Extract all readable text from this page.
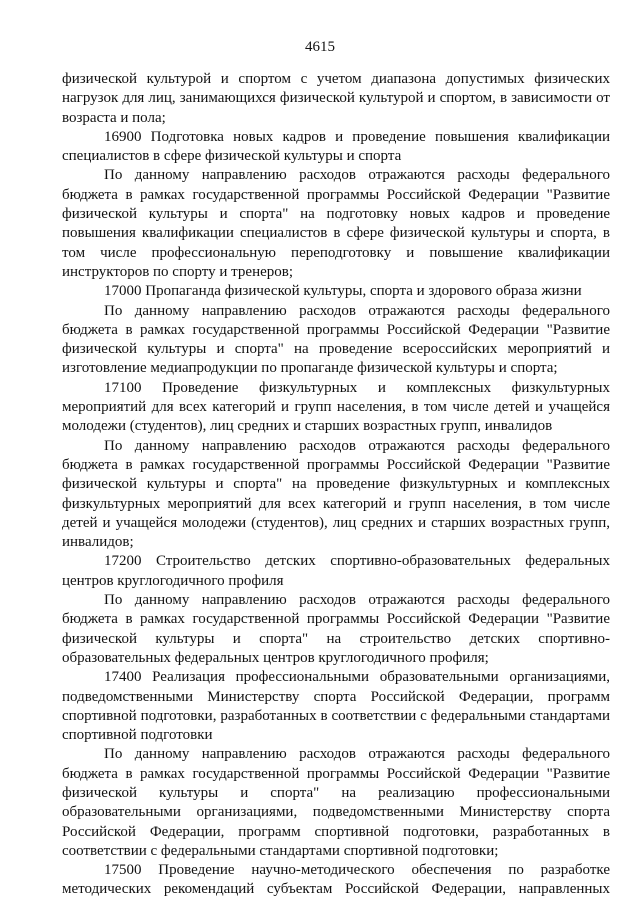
4615

физической культурой и спортом с учетом диапазона допустимых физических нагрузок для лиц, занимающихся физической культурой и спортом, в зависимости от возраста и пола;

16900 Подготовка новых кадров и проведение повышения квалификации специалистов в сфере физической культуры и спорта

По данному направлению расходов отражаются расходы федерального бюджета в рамках государственной программы Российской Федерации "Развитие физической культуры и спорта" на подготовку новых кадров и проведение повышения квалификации специалистов в сфере физической культуры и спорта, в том числе профессиональную переподготовку и повышение квалификации инструкторов по спорту и тренеров;

17000 Пропаганда физической культуры, спорта и здорового образа жизни

По данному направлению расходов отражаются расходы федерального бюджета в рамках государственной программы Российской Федерации "Развитие физической культуры и спорта" на проведение всероссийских мероприятий и изготовление медиапродукции по пропаганде физической культуры и спорта;

17100 Проведение физкультурных и комплексных физкультурных мероприятий для всех категорий и групп населения, в том числе детей и учащейся молодежи (студентов), лиц средних и старших возрастных групп, инвалидов

По данному направлению расходов отражаются расходы федерального бюджета в рамках государственной программы Российской Федерации "Развитие физической культуры и спорта" на проведение физкультурных и комплексных физкультурных мероприятий для всех категорий и групп населения, в том числе детей и учащейся молодежи (студентов), лиц средних и старших возрастных групп, инвалидов;

17200 Строительство детских спортивно-образовательных федеральных центров круглогодичного профиля

По данному направлению расходов отражаются расходы федерального бюджета в рамках государственной программы Российской Федерации "Развитие физической культуры и спорта" на строительство детских спортивно-образовательных федеральных центров круглогодичного профиля;

17400 Реализация профессиональными образовательными организациями, подведомственными Министерству спорта Российской Федерации, программ спортивной подготовки, разработанных в соответствии с федеральными стандартами спортивной подготовки

По данному направлению расходов отражаются расходы федерального бюджета в рамках государственной программы Российской Федерации "Развитие физической культуры и спорта" на реализацию профессиональными образовательными организациями, подведомственными Министерству спорта Российской Федерации, программ спортивной подготовки, разработанных в соответствии с федеральными стандартами спортивной подготовки;

17500 Проведение научно-методического обеспечения по разработке методических рекомендаций субъектам Российской Федерации, направленных
